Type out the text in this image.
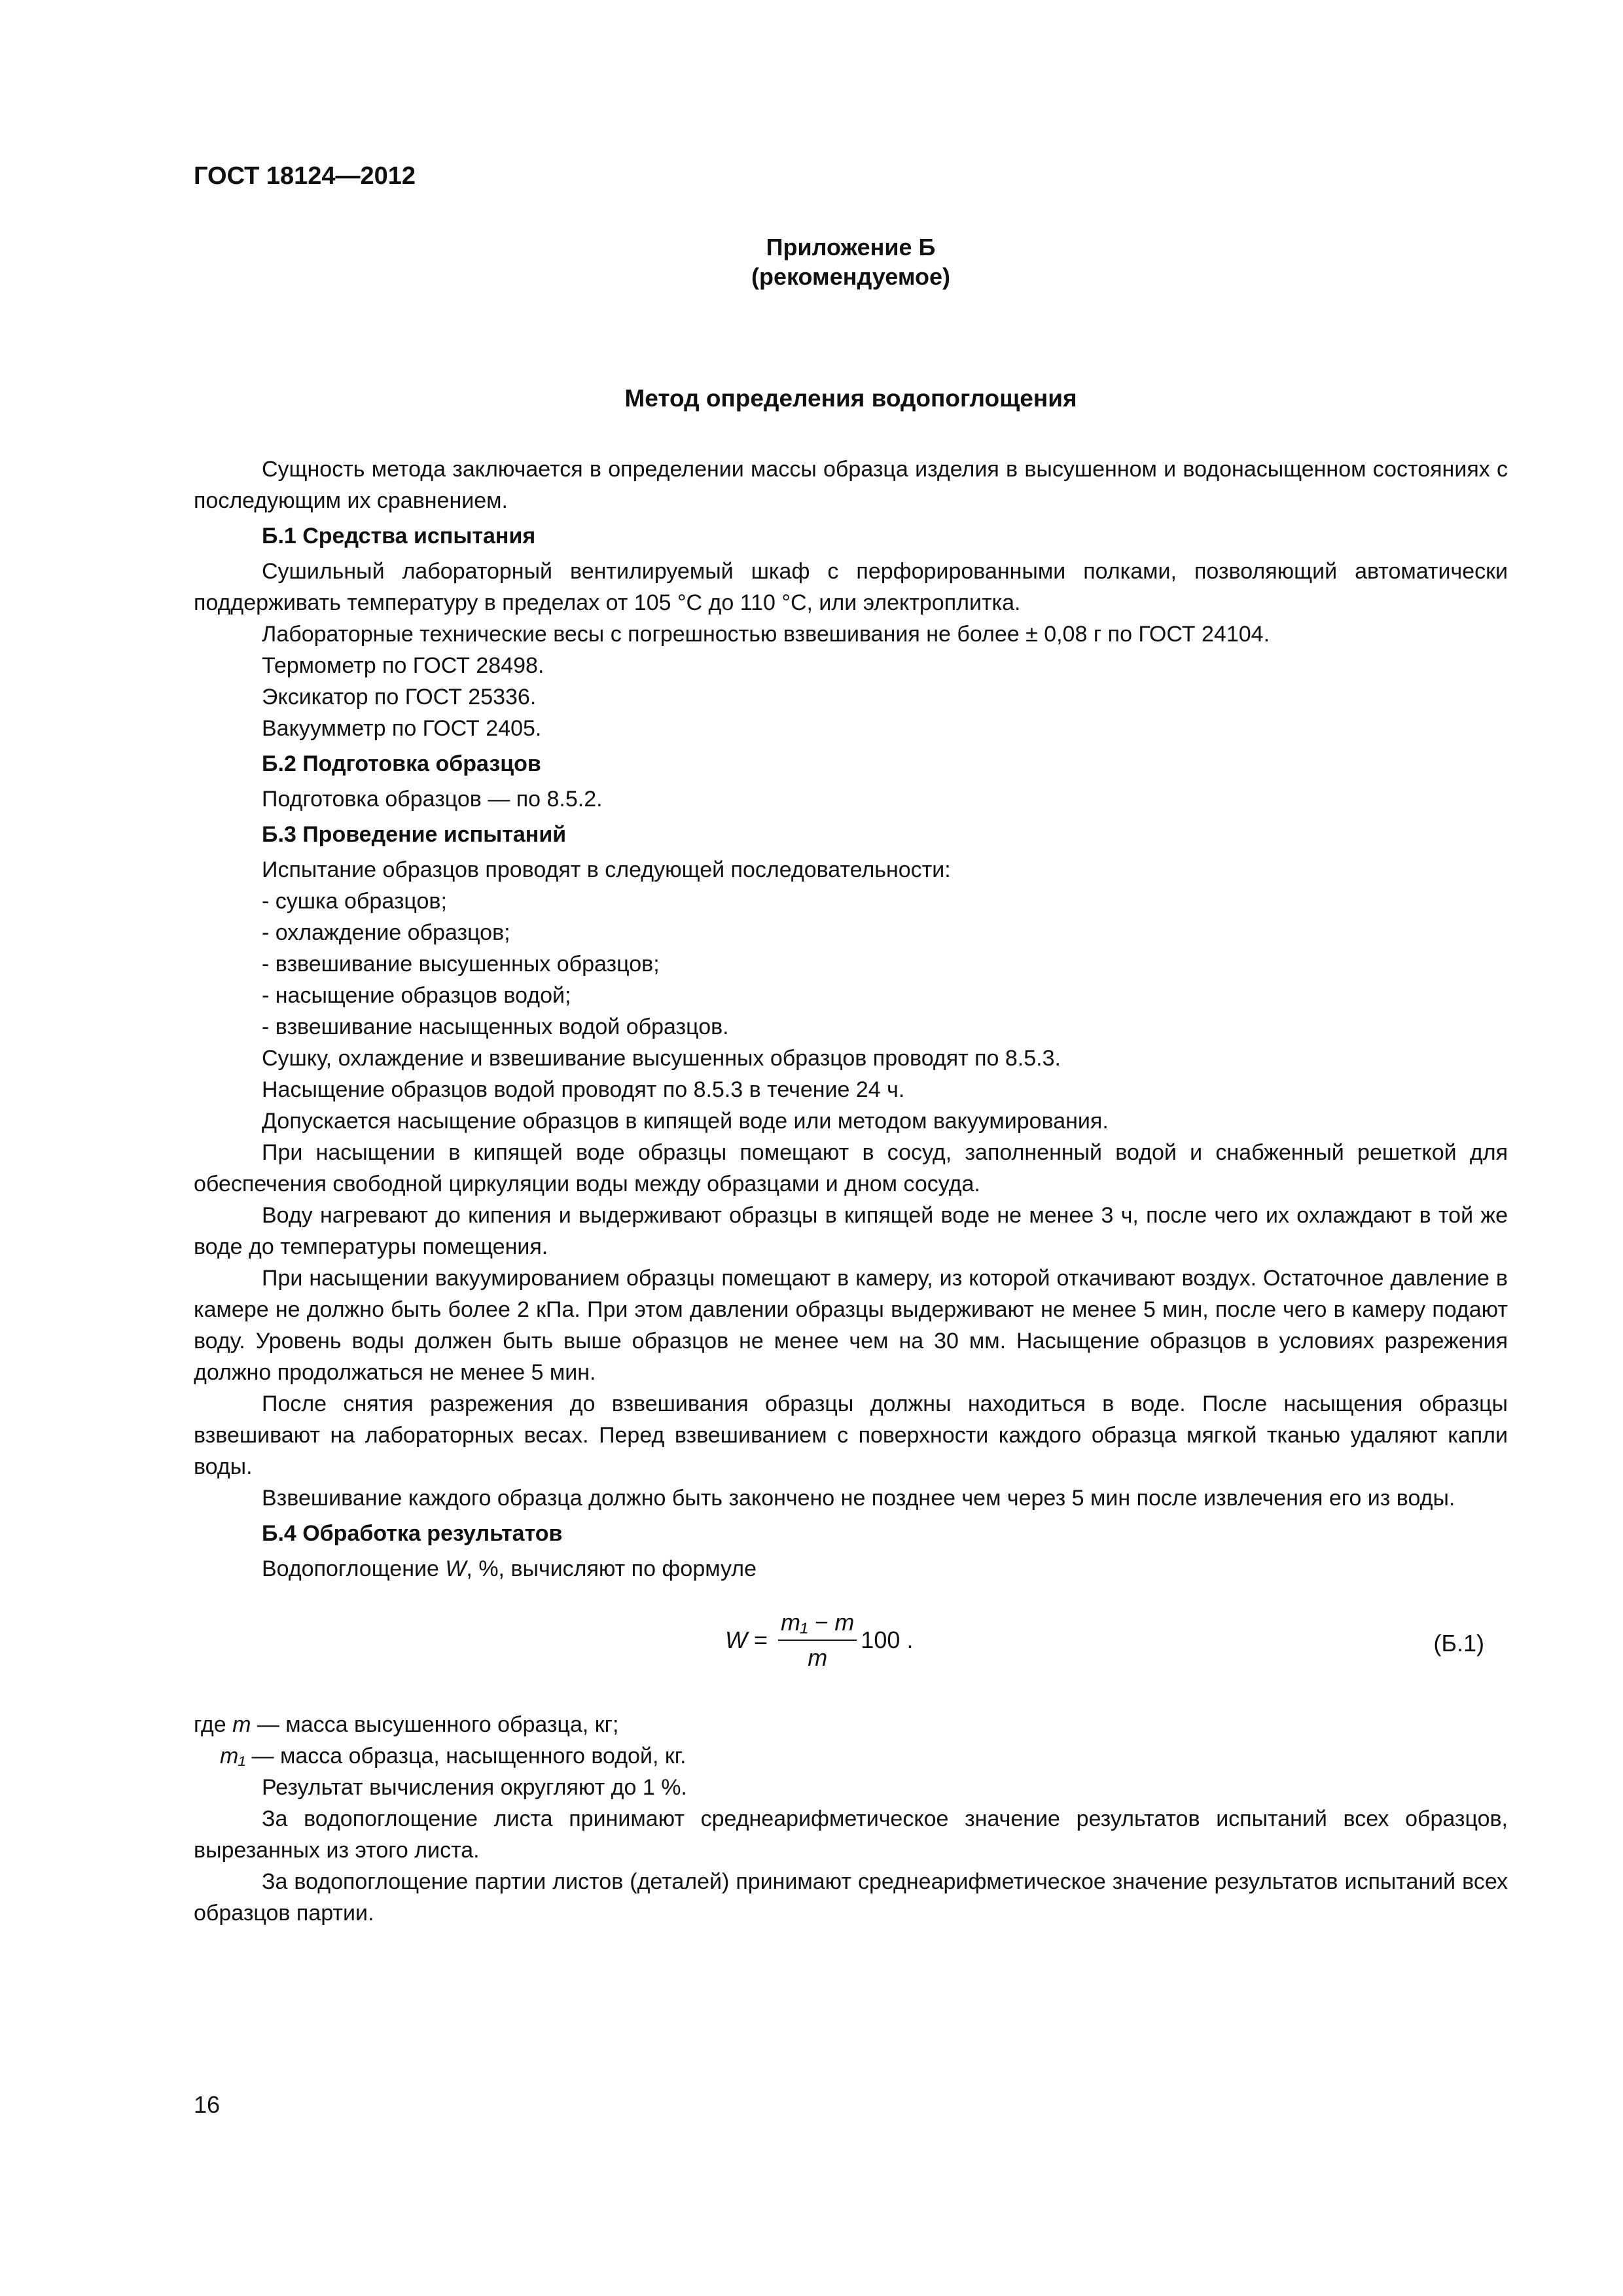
ГОСТ 18124—2012
Приложение Б
(рекомендуемое)
Метод определения водопоглощения

Сущность метода заключается в определении массы образца изделия в высушенном и водонасыщенном состояниях с последующим их сравнением.

Б.1 Средства испытания

Сушильный лабораторный вентилируемый шкаф с перфорированными полками, позволяющий автоматически поддерживать температуру в пределах от 105 °С до 110 °С, или электроплитка.

Лабораторные технические весы с погрешностью взвешивания не более ± 0,08 г по ГОСТ 24104.

Термометр по ГОСТ 28498.

Эксикатор по ГОСТ 25336.

Вакуумметр по ГОСТ 2405.

Б.2 Подготовка образцов

Подготовка образцов — по 8.5.2.

Б.3 Проведение испытаний

Испытание образцов проводят в следующей последовательности:

- сушка образцов;

- охлаждение образцов;

- взвешивание высушенных образцов;

- насыщение образцов водой;

- взвешивание насыщенных водой образцов.

Сушку, охлаждение и взвешивание высушенных образцов проводят по 8.5.3.

Насыщение образцов водой проводят по 8.5.3 в течение 24 ч.

Допускается насыщение образцов в кипящей воде или методом вакуумирования.

При насыщении в кипящей воде образцы помещают в сосуд, заполненный водой и снабженный решеткой для обеспечения свободной циркуляции воды между образцами и дном сосуда.

Воду нагревают до кипения и выдерживают образцы в кипящей воде не менее 3 ч, после чего их охлаждают в той же воде до температуры помещения.

При насыщении вакуумированием образцы помещают в камеру, из которой откачивают воздух. Остаточное давление в камере не должно быть более 2 кПа. При этом давлении образцы выдерживают не менее 5 мин, после чего в камеру подают воду. Уровень воды должен быть выше образцов не менее чем на 30 мм. Насыщение образцов в условиях разрежения должно продолжаться не менее 5 мин.

После снятия разрежения до взвешивания образцы должны находиться в воде. После насыщения образцы взвешивают на лабораторных весах. Перед взвешиванием с поверхности каждого образца мягкой тканью удаляют капли воды.

Взвешивание каждого образца должно быть закончено не позднее чем через 5 мин после извлечения его из воды.

Б.4 Обработка результатов

Водопоглощение W, %, вычисляют по формуле

$W = \frac{\text{m₁ − m}}{m} 100$ .	(Б.1)

где m — масса высушенного образца, кг;

m₁ — масса образца, насыщенного водой, кг.

Результат вычисления округляют до 1 %.

За водопоглощение листа принимают среднеарифметическое значение результатов испытаний всех образцов, вырезанных из этого листа.

За водопоглощение партии листов (деталей) принимают среднеарифметическое значение результатов испытаний всех образцов партии.

16
